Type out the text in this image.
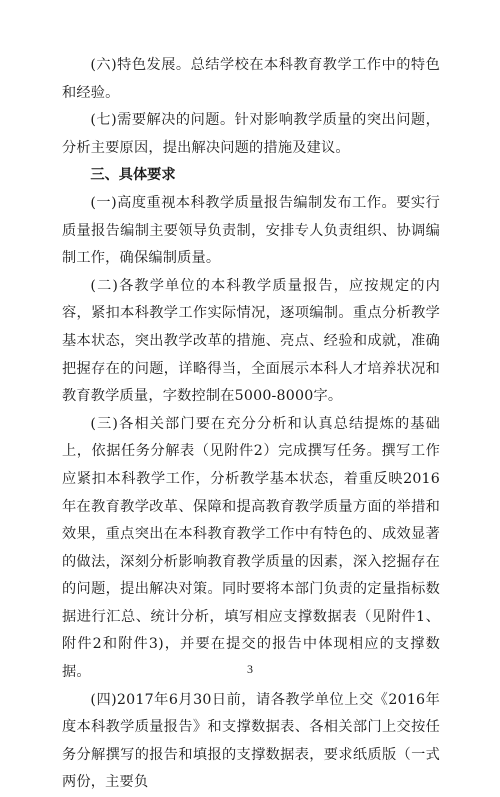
(六)特色发展。总结学校在本科教育教学工作中的特色和经验。

(七)需要解决的问题。针对影响教学质量的突出问题，分析主要原因，提出解决问题的措施及建议。

三、具体要求

(一)高度重视本科教学质量报告编制发布工作。要实行质量报告编制主要领导负责制，安排专人负责组织、协调编制工作，确保编制质量。

(二)各教学单位的本科教学质量报告，应按规定的内容，紧扣本科教学工作实际情况，逐项编制。重点分析教学基本状态，突出教学改革的措施、亮点、经验和成就，准确把握存在的问题，详略得当，全面展示本科人才培养状况和教育教学质量，字数控制在5000-8000字。

(三)各相关部门要在充分分析和认真总结提炼的基础上，依据任务分解表（见附件2）完成撰写任务。撰写工作应紧扣本科教学工作，分析教学基本状态，着重反映2016年在教育教学改革、保障和提高教育教学质量方面的举措和效果，重点突出在本科教育教学工作中有特色的、成效显著的做法，深刻分析影响教育教学质量的因素，深入挖掘存在的问题，提出解决对策。同时要将本部门负责的定量指标数据进行汇总、统计分析，填写相应支撑数据表（见附件1、附件2和附件3)，并要在提交的报告中体现相应的支撑数据。

(四)2017年6月30日前，请各教学单位上交《2016年度本科教学质量报告》和支撑数据表、各相关部门上交按任务分解撰写的报告和填报的支撑数据表，要求纸质版（一式两份，主要负

3
